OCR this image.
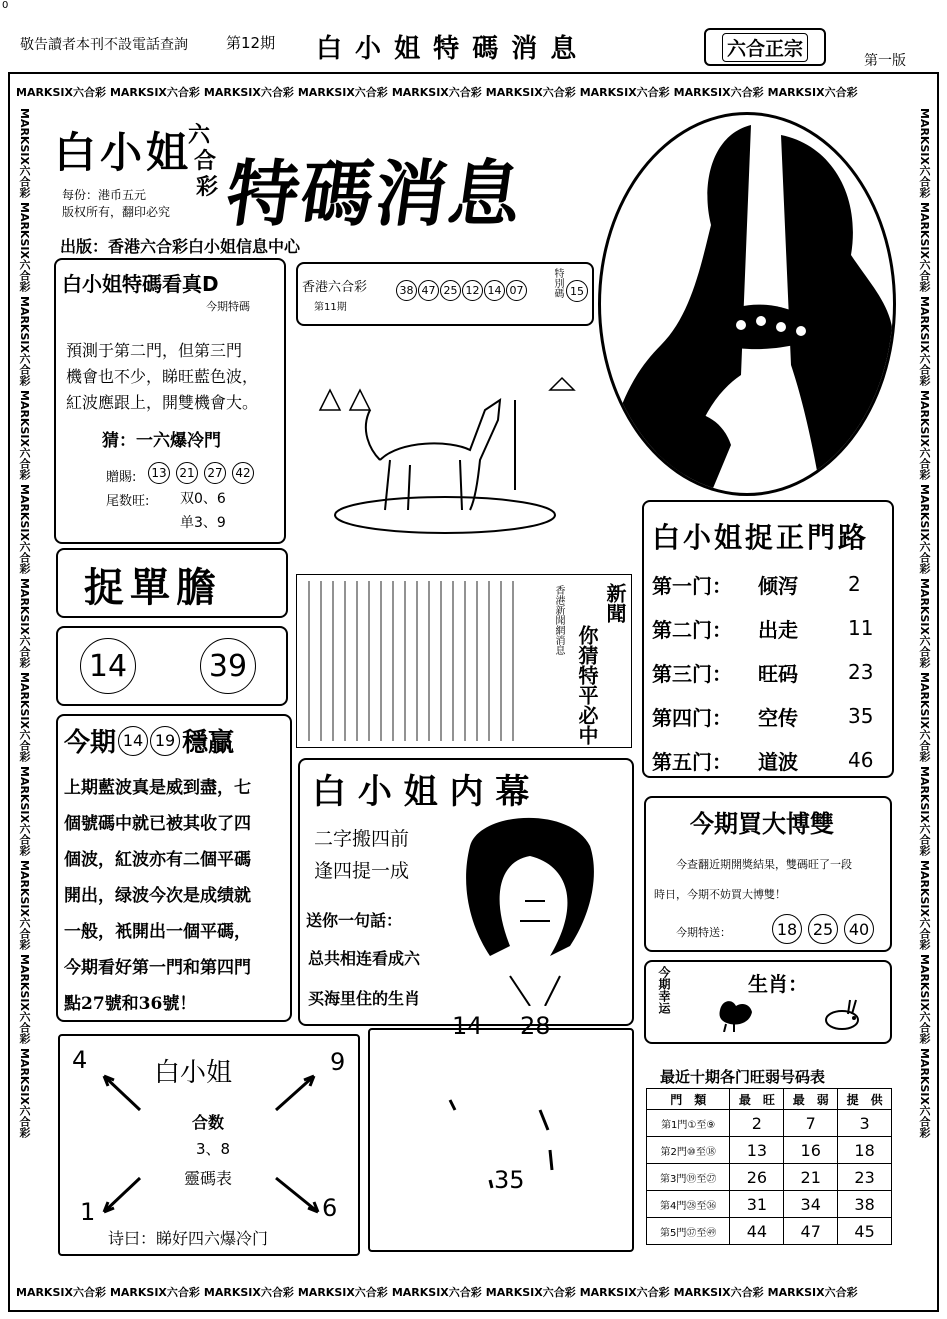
0
敬告讀者本刊不設電話查詢	第12期 白 小 姐 特 碼 消 息	六合正宗
第一版
MARKSIX六合彩 MARKSIX六合彩 MARKSIX六合彩 MARKSIX六合彩 MARKSIX六合彩 MARKSIX六合彩 MARKSIX六合彩 MARKSIX六合彩 MARKSIX六合彩
MARKSIX六合彩 MARKSIX六合彩 MARKSIX六合彩 MARKSIX六合彩 MARKSIX六合彩 MARKSIX六合彩 MARKSIX六合彩 MARKSIX六合彩 MARKSIX六合彩
MARKSIX六合彩
MARKSIX六合彩
MARKSIX六合彩
MARKSIX六合彩
MARKSIX六合彩
MARKSIX六合彩
MARKSIX六合彩
MARKSIX六合彩
MARKSIX六合彩
MARKSIX六合彩
MARKSIX六合彩
MARKSIX六合彩
MARKSIX六合彩
MARKSIX六合彩
MARKSIX六合彩
MARKSIX六合彩
MARKSIX六合彩
MARKSIX六合彩
MARKSIX六合彩
MARKSIX六合彩
MARKSIX六合彩
MARKSIX六合彩
白小姐
六
合
彩 特碼消息
每份：港币五元
版权所有，翻印必究
出版：香港六合彩白小姐信息中心
白小姐特碼看真D
今期特碼
預測于第二門，但第三門
機會也不少，睇旺藍色波，
紅波應跟上，開雙機會大。
猜：一六爆冷門
贈賜: 13 21 27 42
尾数旺: 双0、6
单3、9
香港六合彩
第11期
38 47 25 12 14 07	特別碼 15
捉單膽
14	39
香港新聞網消息 新聞
你猜特平必中
白小姐捉正門路
第一门：	倾泻	2
第二门：	出走	11
第三门：	旺码	23
第四门：	空传	35
第五门：	道波	46
今期 14 19 穩贏
上期藍波真是威到盡，七
個號碼中就已被其收了四
個波，紅波亦有二個平碼
開出，绿波今次是成绩就
一般，衹開出一個平碼，
今期看好第一門和第四門
點27號和36號！
白 小 姐 内 幕
二字搬四前
逢四提一成
送你一句話：
总共相连看成六
买海里住的生肖
14 28
35
今期買大博雙
今查翻近期開獎結果，雙碼旺了一段
時日，今期不妨買大博雙！
今期特送：	18 25 40
今期幸运	生肖：
4	9
1	6
白小姐
合数
3、8
靈碼表
诗曰：睇好四六爆冷门
最近十期各门旺弱号码表
門　類	最　旺	最　弱	提　供
第1門①至⑨	2	7	3
第2門⑩至⑱	13	16	18
第3門⑲至㉗	26	21	23
第4門㉘至㊱	31	34	38
第5門㊲至㊾	44	47	45
